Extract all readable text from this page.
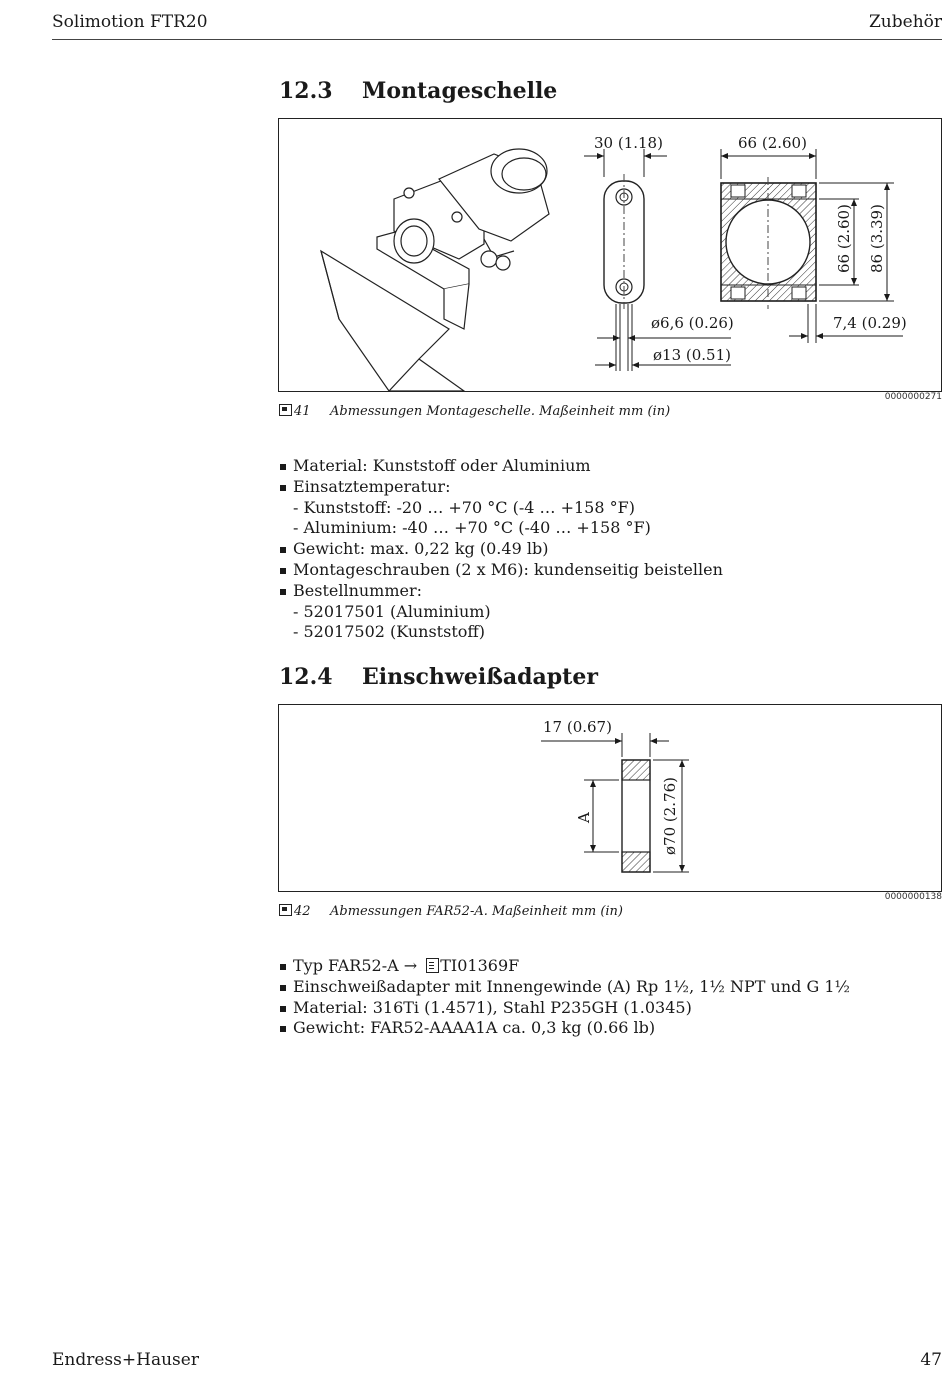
Solimotion FTR20	Zubehör
12.3 Montageschelle
30 (1.18)	66 (2.60)
66 (2.60) 86 (3.39)
ø6,6 (0.26)
ø13 (0.51)
7,4 (0.29)
0000000271
41 Abmessungen Montageschelle. Maßeinheit mm (in)
Material: Kunststoff oder Aluminium
Einsatztemperatur:
- Kunststoff: -20 … +70 °C (-4 … +158 °F)
- Aluminium: -40 … +70 °C (-40 … +158 °F)
Gewicht: max. 0,22 kg (0.49 lb)
Montageschrauben (2 x M6): kundenseitig beistellen
Bestellnummer:
- 52017501 (Aluminium)
- 52017502 (Kunststoff)
12.4 Einschweißadapter
17 (0.67)
A	ø70 (2.76)
0000000138
42 Abmessungen FAR52-A. Maßeinheit mm (in)
Typ FAR52-A → TI01369F
Einschweißadapter mit Innengewinde (A) Rp 1½, 1½ NPT und G 1½
Material: 316Ti (1.4571), Stahl P235GH (1.0345)
Gewicht: FAR52-AAAA1A ca. 0,3 kg (0.66 lb)
Endress+Hauser	47
